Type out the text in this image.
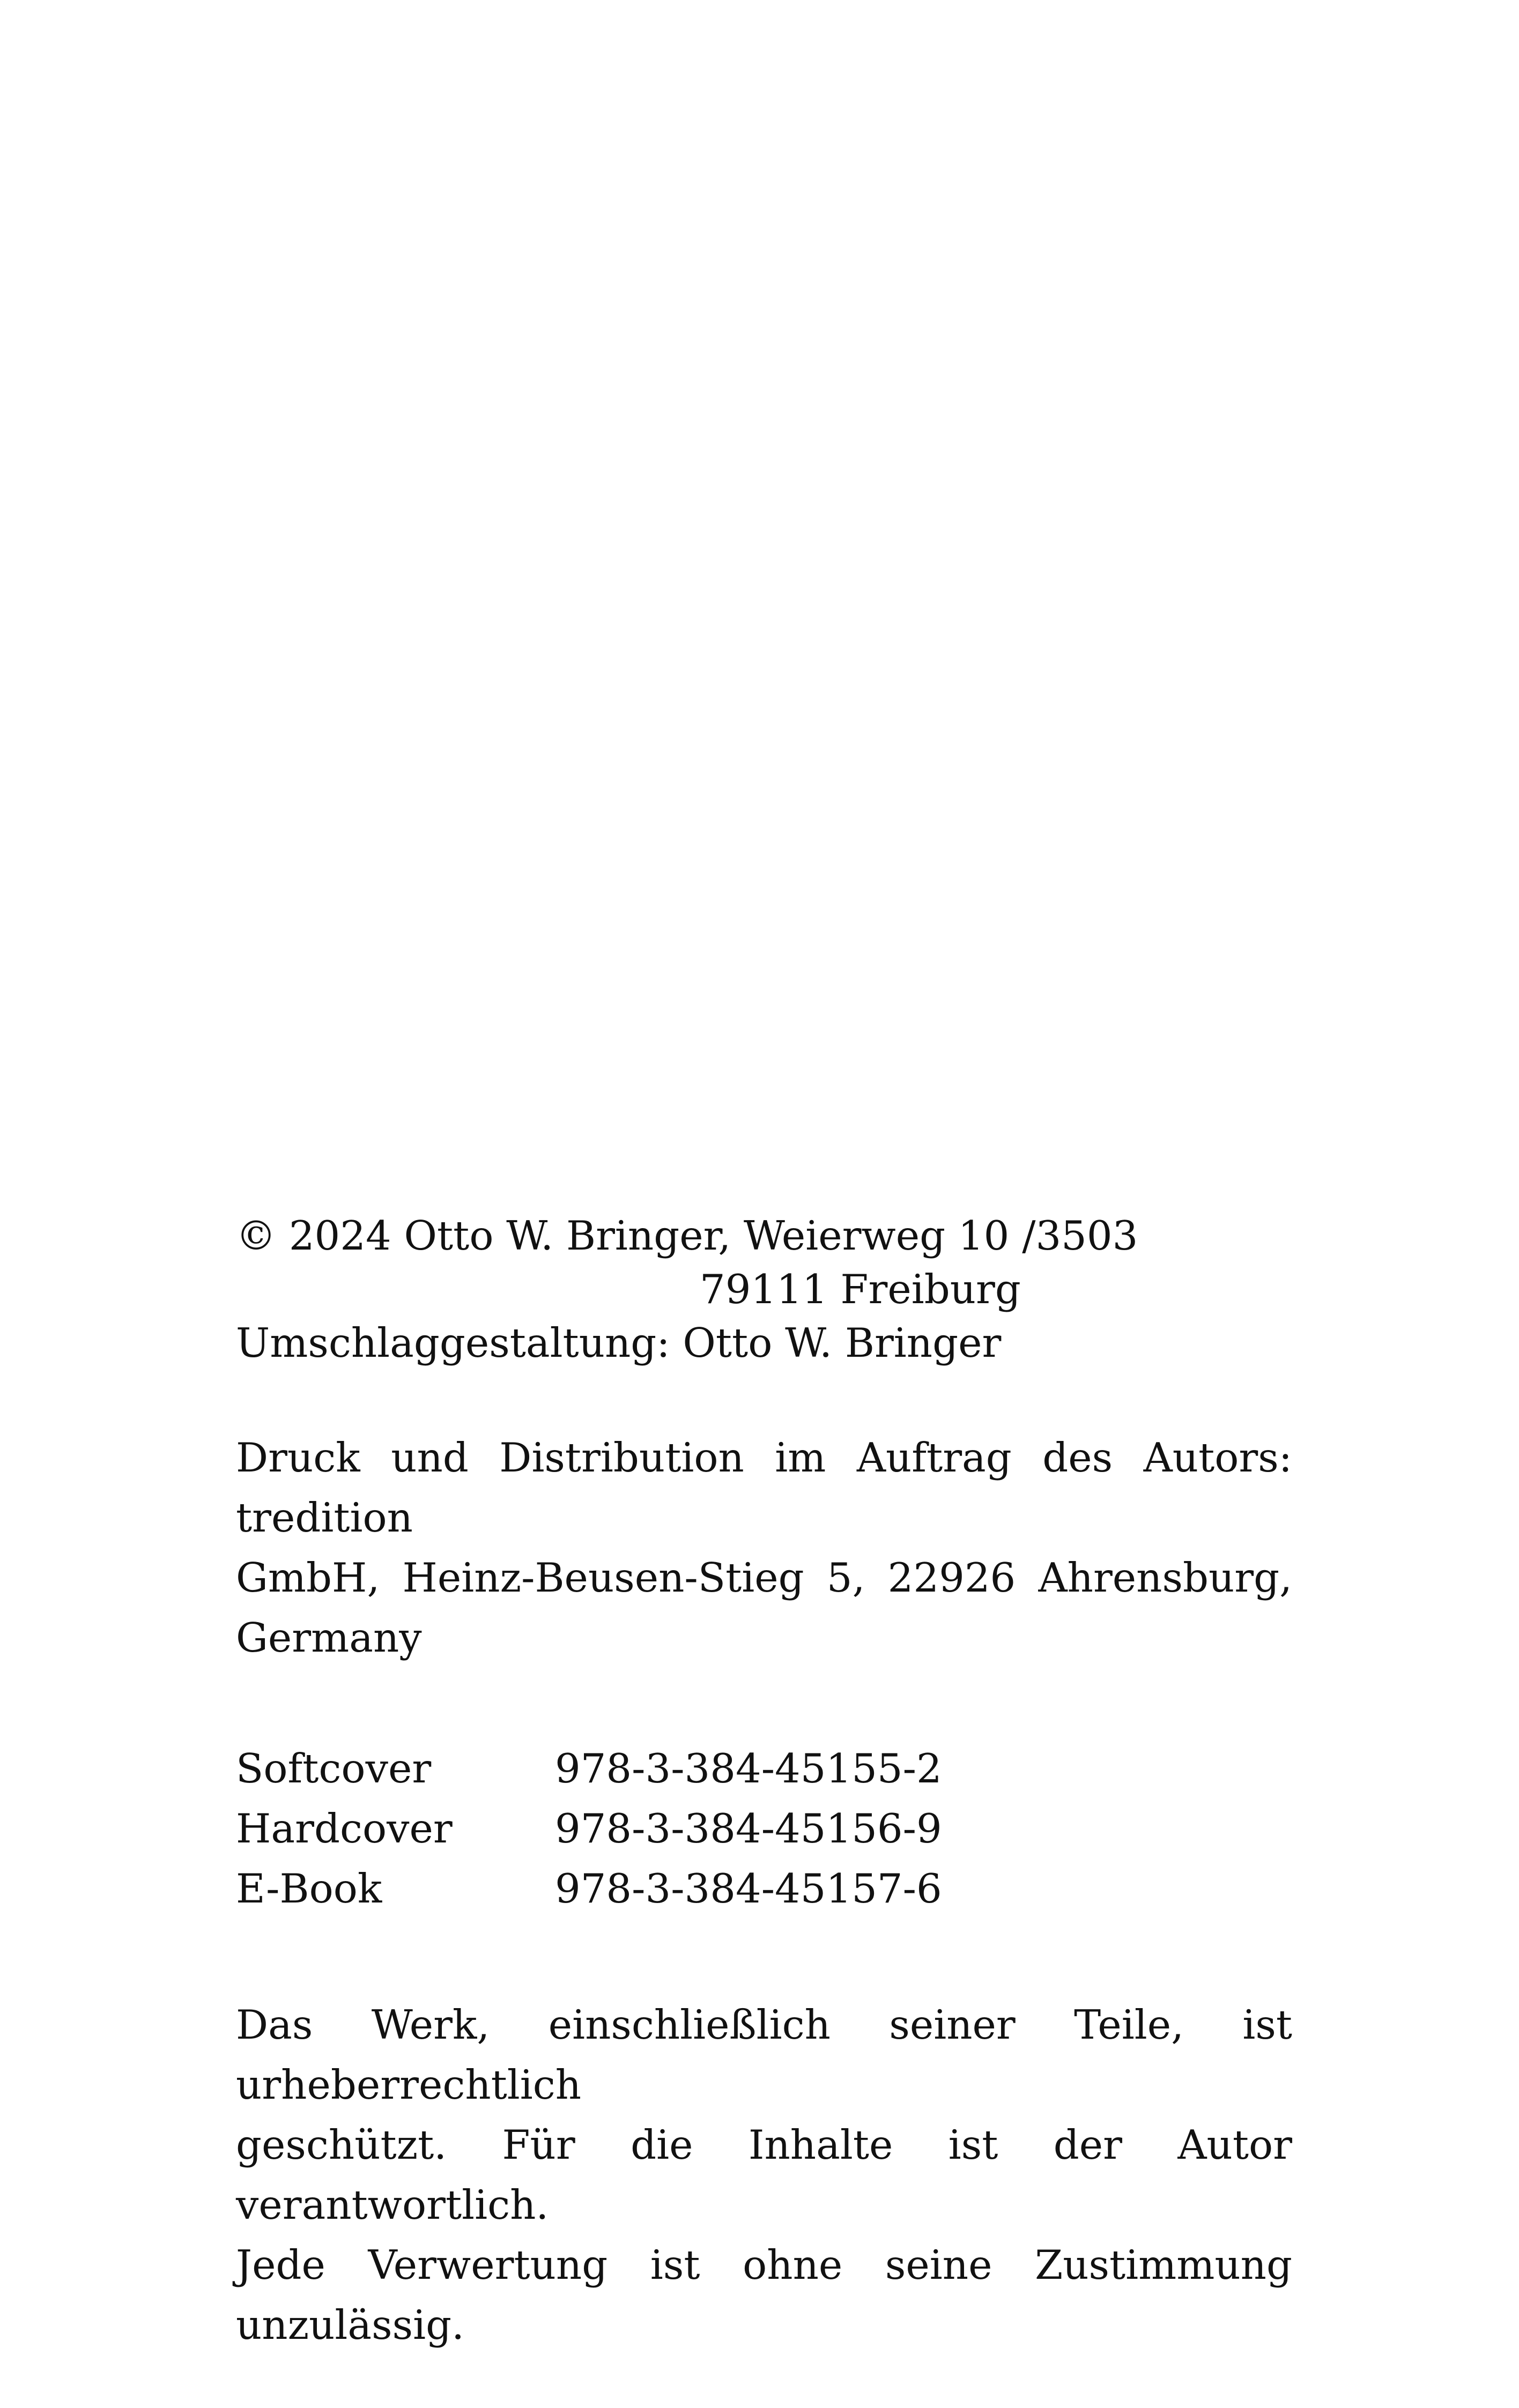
© 2024 Otto W. Bringer, Weierweg 10 /3503
79111 Freiburg
Umschlaggestaltung: Otto W. Bringer
Druck und Distribution im Auftrag des Autors: tredition
GmbH, Heinz-Beusen-Stieg 5, 22926 Ahrensburg,
Germany
Softcover	978-3-384-45155-2
Hardcover	978-3-384-45156-9
E-Book	978-3-384-45157-6
Das Werk, einschließlich seiner Teile, ist urheberrechtlich
geschützt. Für die Inhalte ist der Autor verantwortlich.
Jede Verwertung ist ohne seine Zustimmung unzulässig.
